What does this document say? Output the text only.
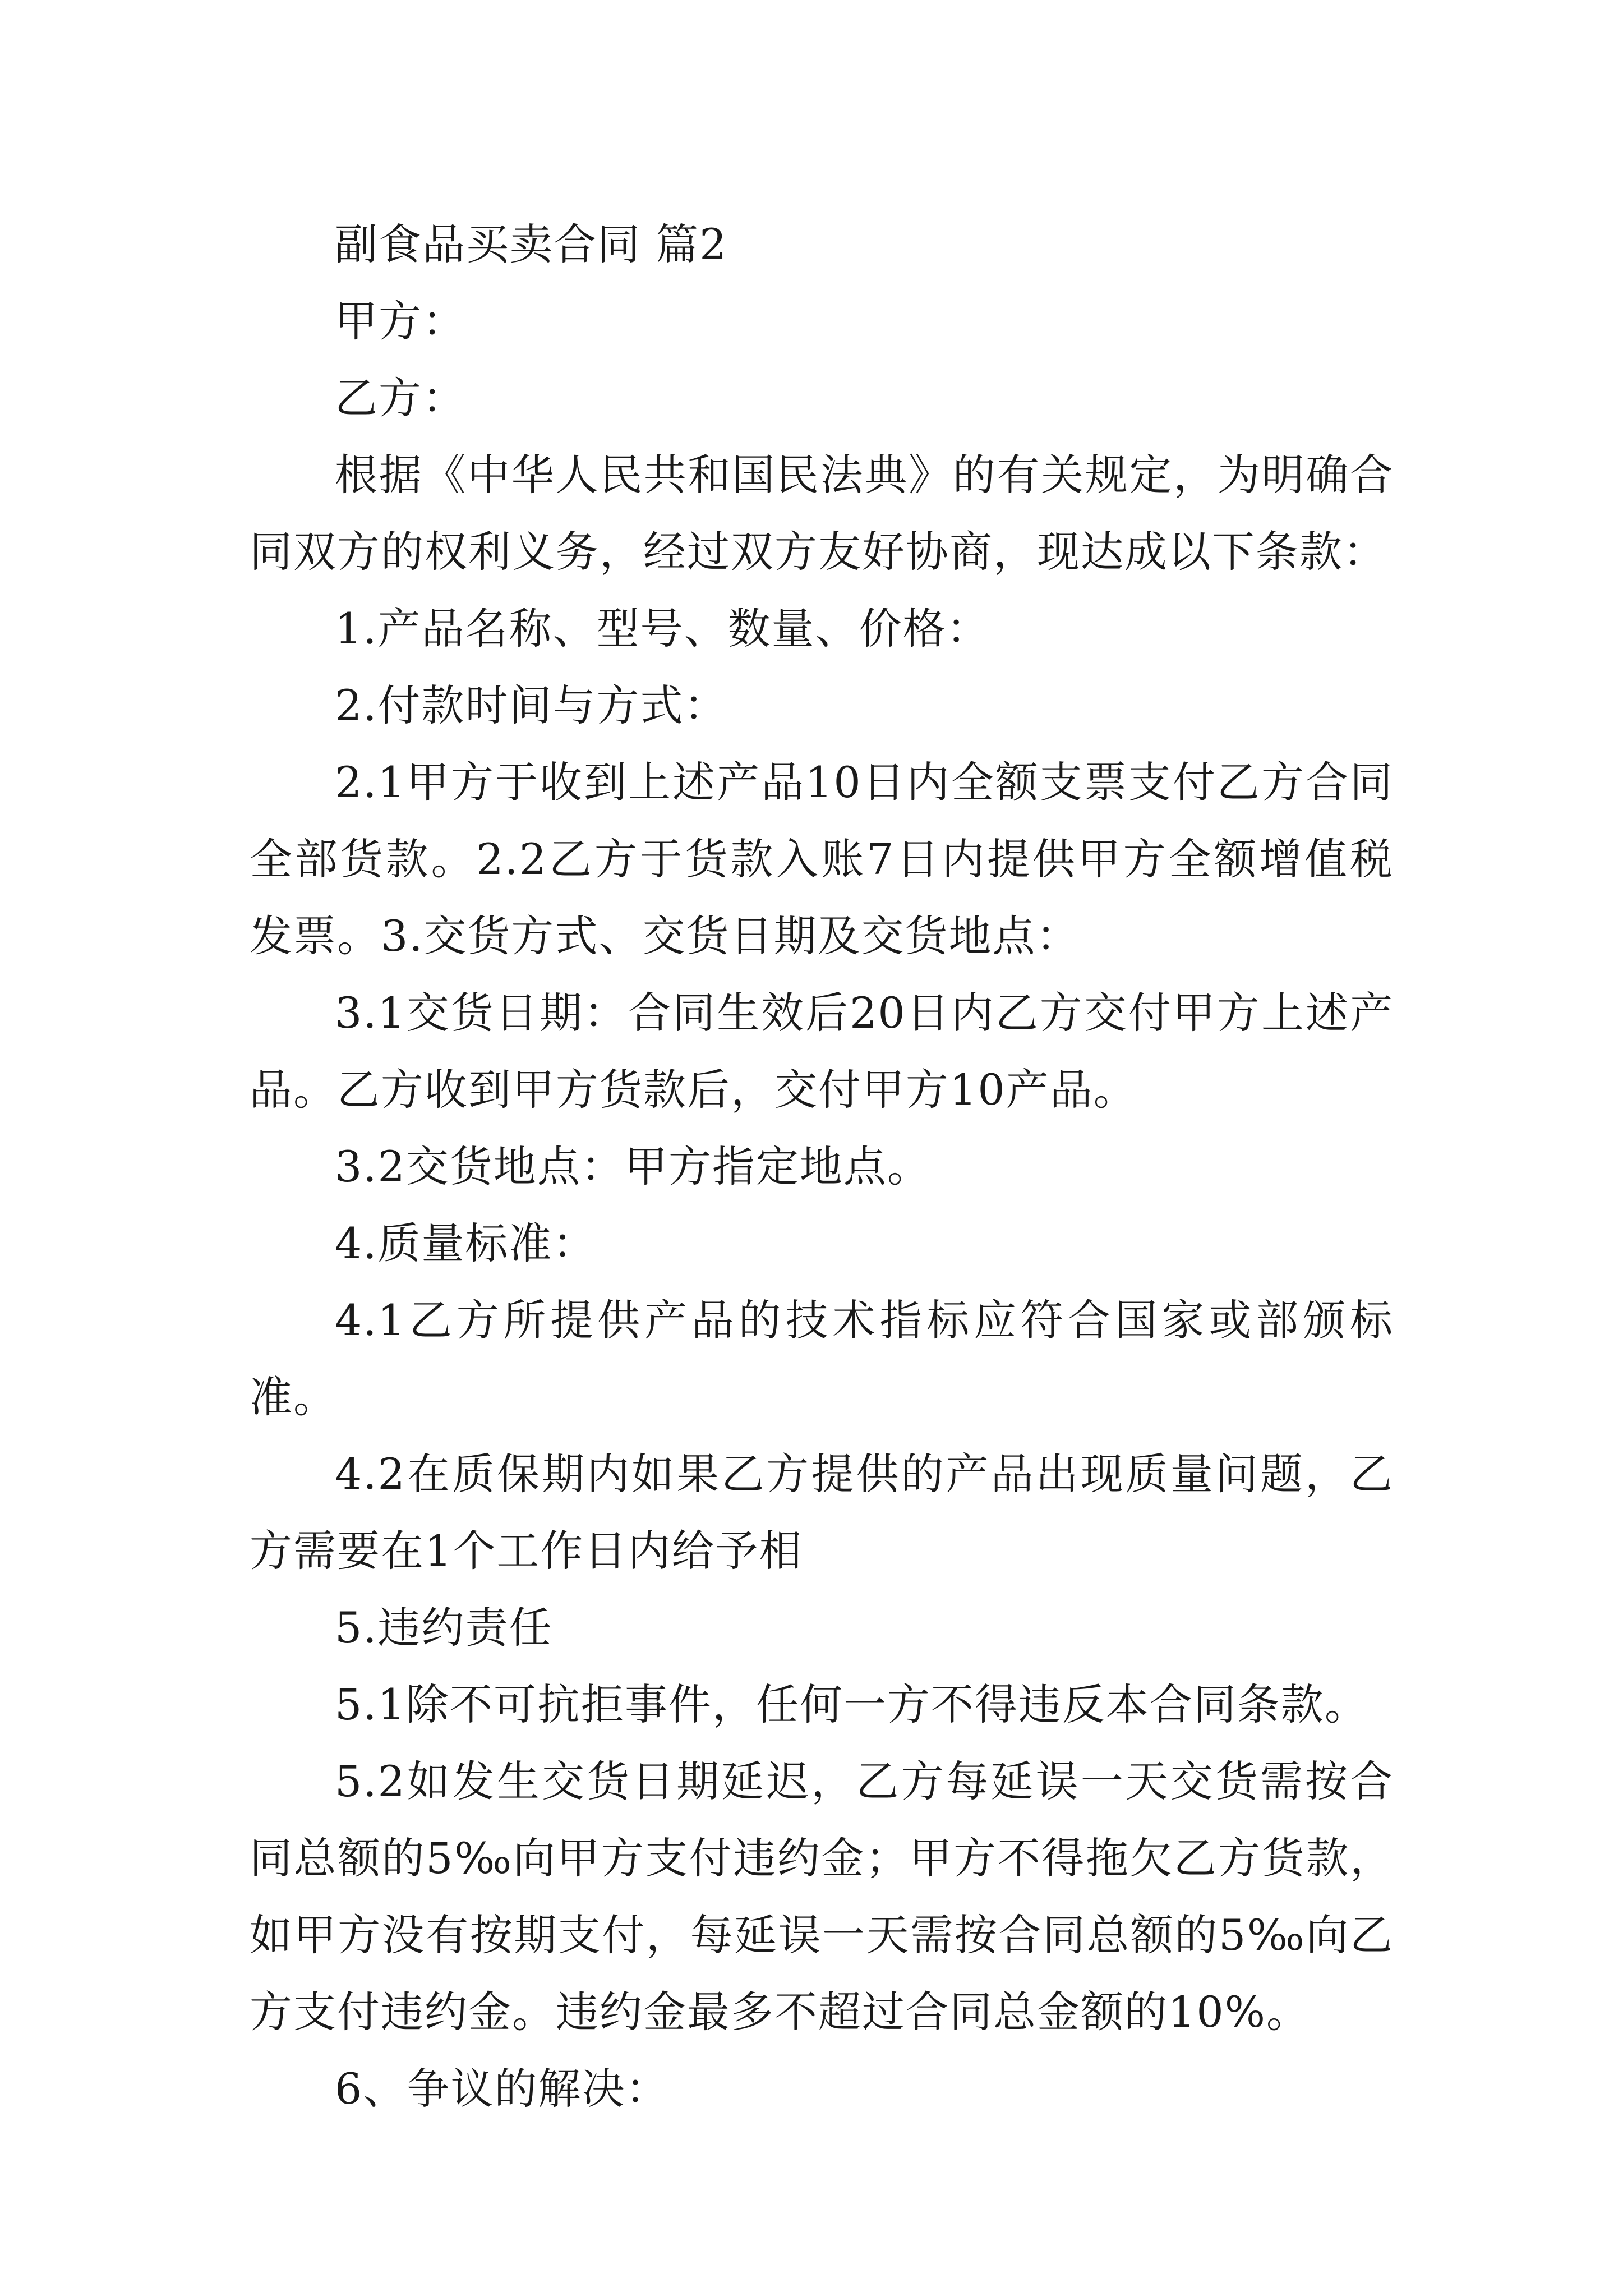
副食品买卖合同 篇2

甲方：

乙方：

根据《中华人民共和国民法典》的有关规定，为明确合同双方的权利义务，经过双方友好协商，现达成以下条款：

1.产品名称、型号、数量、价格：

2.付款时间与方式：

2.1甲方于收到上述产品10日内全额支票支付乙方合同全部货款。2.2乙方于货款入账7日内提供甲方全额增值税发票。3.交货方式、交货日期及交货地点：

3.1交货日期：合同生效后20日内乙方交付甲方上述产品。乙方收到甲方货款后，交付甲方10产品。

3.2交货地点：甲方指定地点。

4.质量标准：

4.1乙方所提供产品的技术指标应符合国家或部颁标准。

4.2在质保期内如果乙方提供的产品出现质量问题，乙方需要在1个工作日内给予相

5.违约责任

5.1除不可抗拒事件，任何一方不得违反本合同条款。

5.2如发生交货日期延迟，乙方每延误一天交货需按合同总额的5‰向甲方支付违约金；甲方不得拖欠乙方货款，如甲方没有按期支付，每延误一天需按合同总额的5‰向乙方支付违约金。违约金最多不超过合同总金额的10%。

6、争议的解决：
